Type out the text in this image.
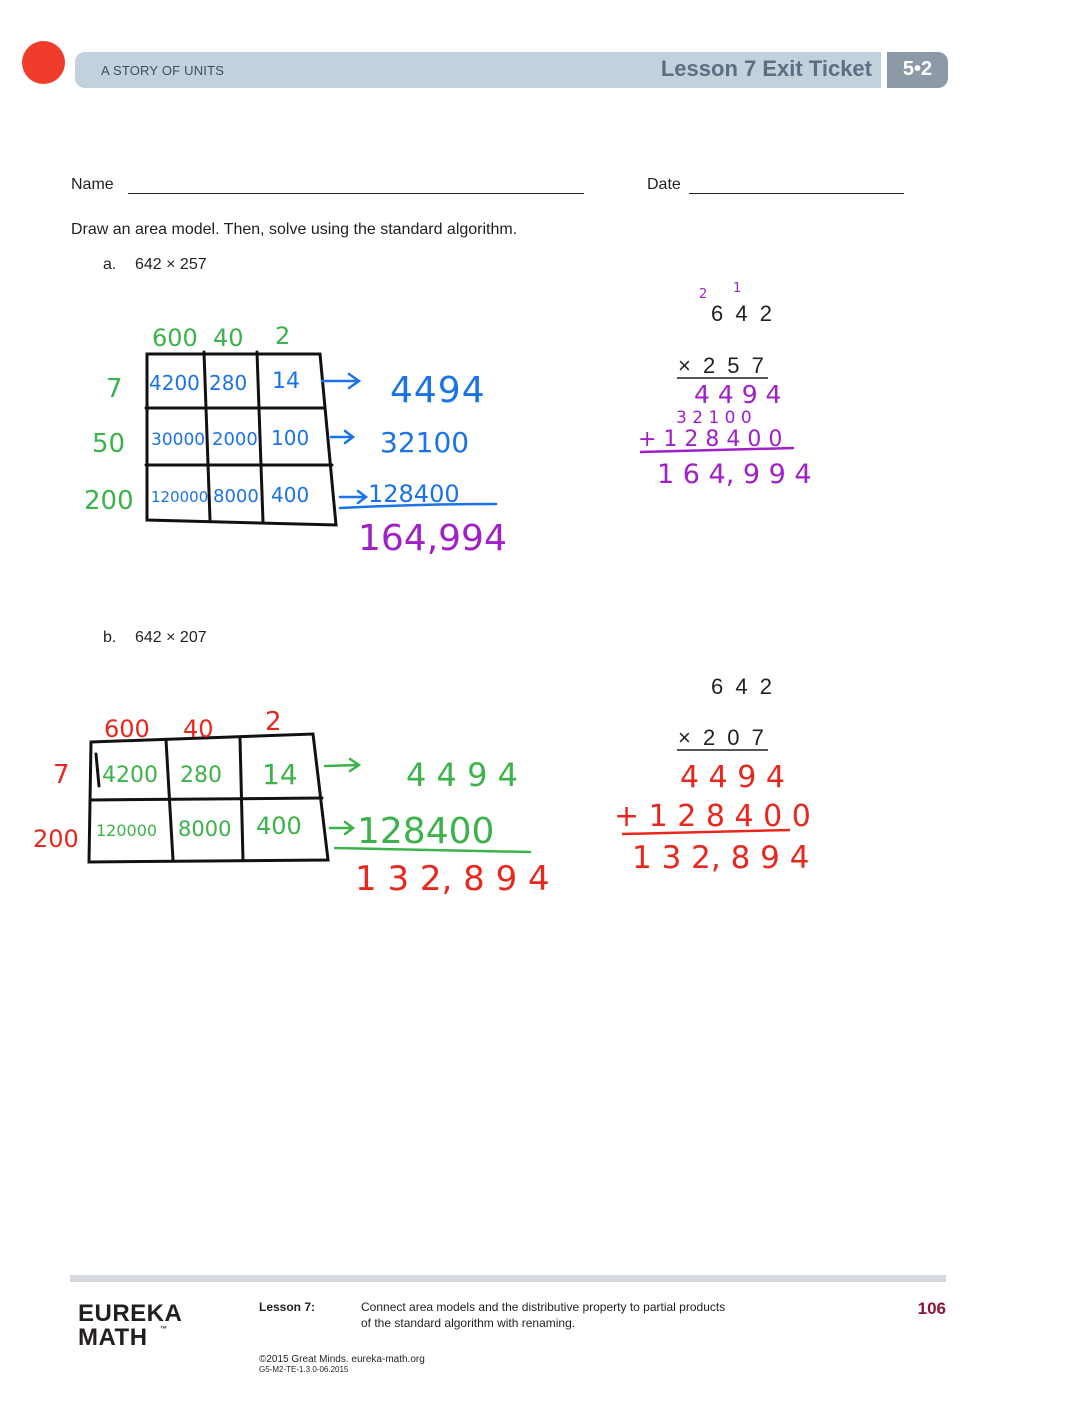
A STORY OF UNITS	Lesson 7 Exit Ticket	5•2
Name	Date
Draw an area model. Then, solve using the standard algorithm.
a. 642 × 257
b. 642 × 207
600 40 2
7
50
200
4200 280 14
30000 2000 100
120000 8000 400
4494
32100
128400
164,994
2 1
6 4 2
× 2 5 7
4 4 9 4
3 2 1 0 0
+ 1 2 8 4 0 0
1 6 4, 9 9 4
600 40 2
7
200
4200 280 14
120000 8000 400
4 4 9 4
128400
1 3 2, 8 9 4
6 4 2
× 2 0 7
4 4 9 4
+ 1 2 8 4 0 0
1 3 2, 8 9 4
EUREKA
MATH ™
Lesson 7:	Connect area models and the distributive property to partial products
of the standard algorithm with renaming.
106
©2015 Great Minds. eureka-math.org
G5-M2-TE-1.3.0-06.2015
